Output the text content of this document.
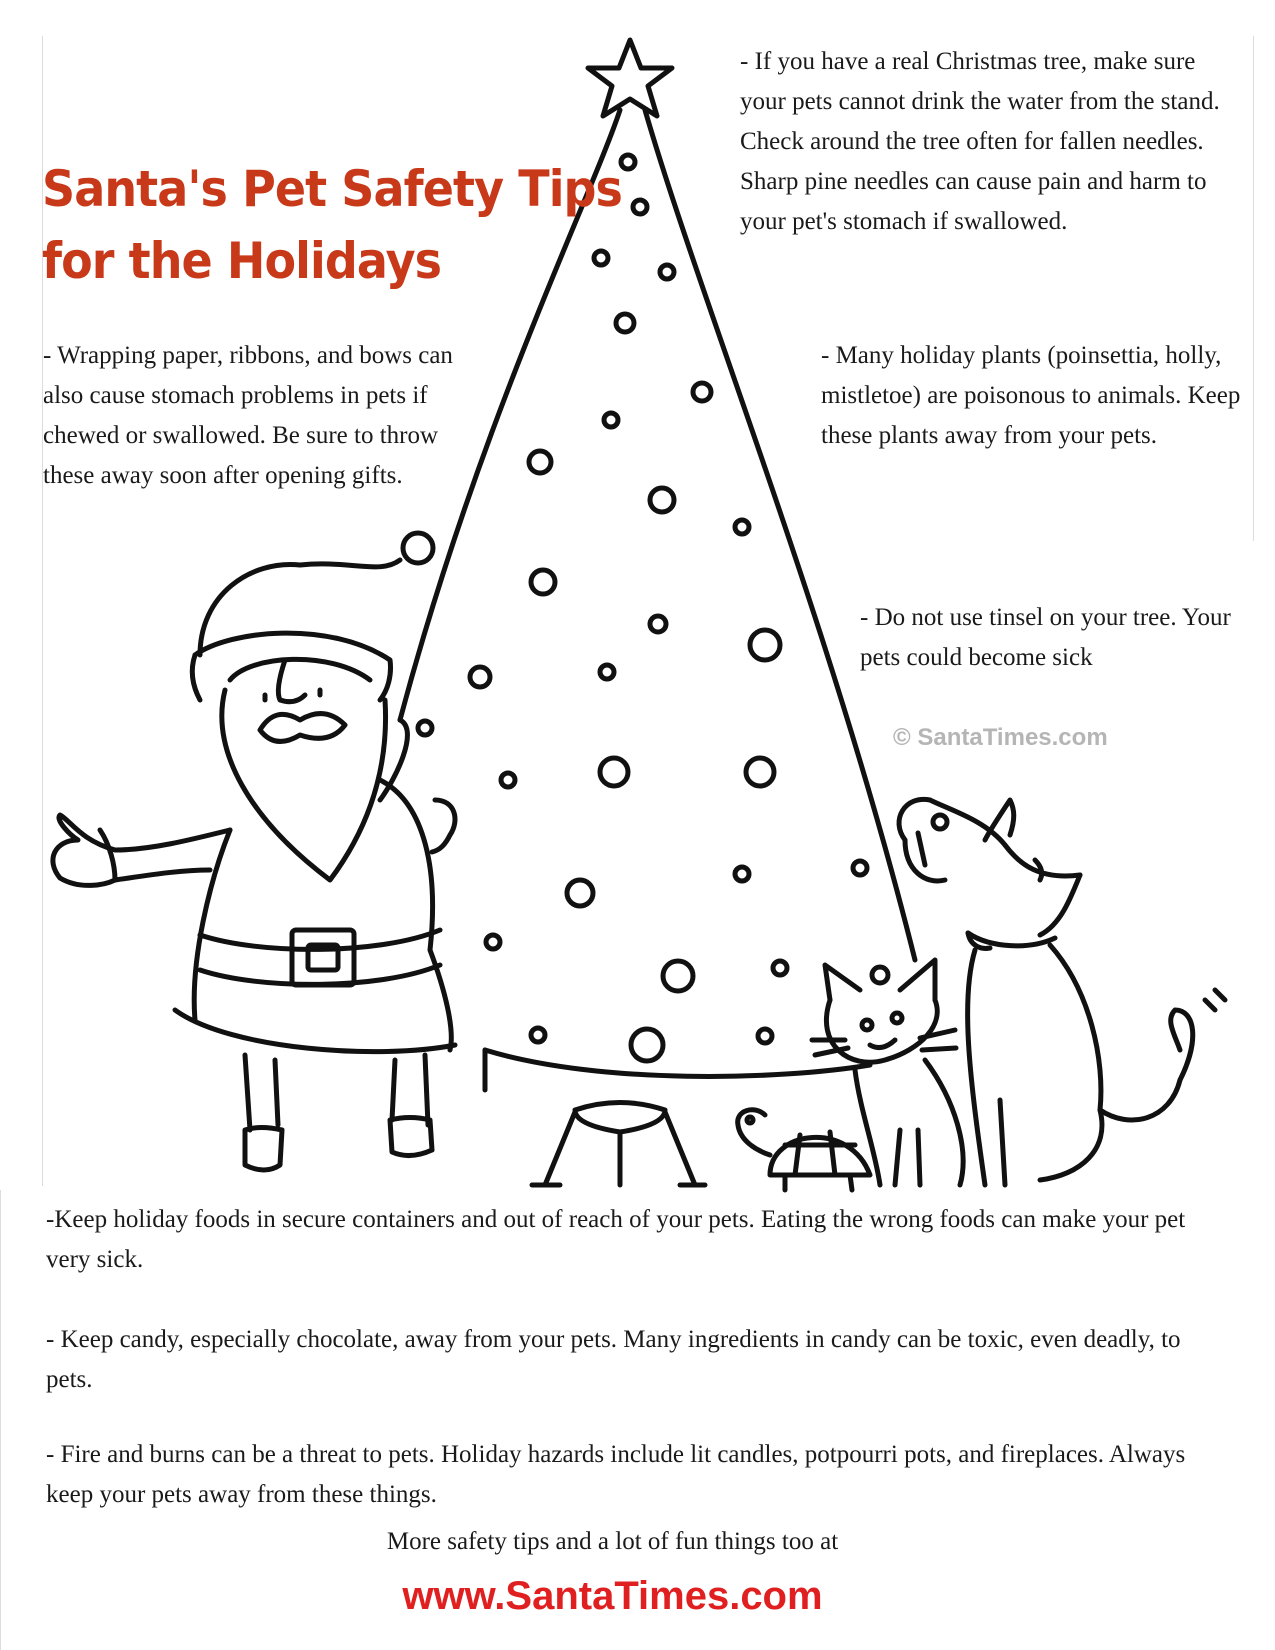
Santa's Pet Safety Tips
for the Holidays

- If you have a real Christmas tree, make sure your pets cannot drink the water from the stand. Check around the tree often for fallen needles. Sharp pine needles can cause pain and harm to your pet's stomach if swallowed.

- Wrapping paper, ribbons, and bows can also cause stomach problems in pets if chewed or swallowed. Be sure to throw these away soon after opening gifts.

- Many holiday plants (poinsettia, holly, mistletoe) are poisonous to animals. Keep these plants away from your pets.

- Do not use tinsel on your tree. Your pets could become sick

© SantaTimes.com

-Keep holiday foods in secure containers and out of reach of your pets. Eating the wrong foods can make your pet very sick.

- Keep candy, especially chocolate, away from your pets. Many ingredients in candy can be toxic, even deadly, to pets.

- Fire and burns can be a threat to pets. Holiday hazards include lit candles, potpourri pots, and fireplaces. Always keep your pets away from these things.

More safety tips and a lot of fun things too at
www.SantaTimes.com
